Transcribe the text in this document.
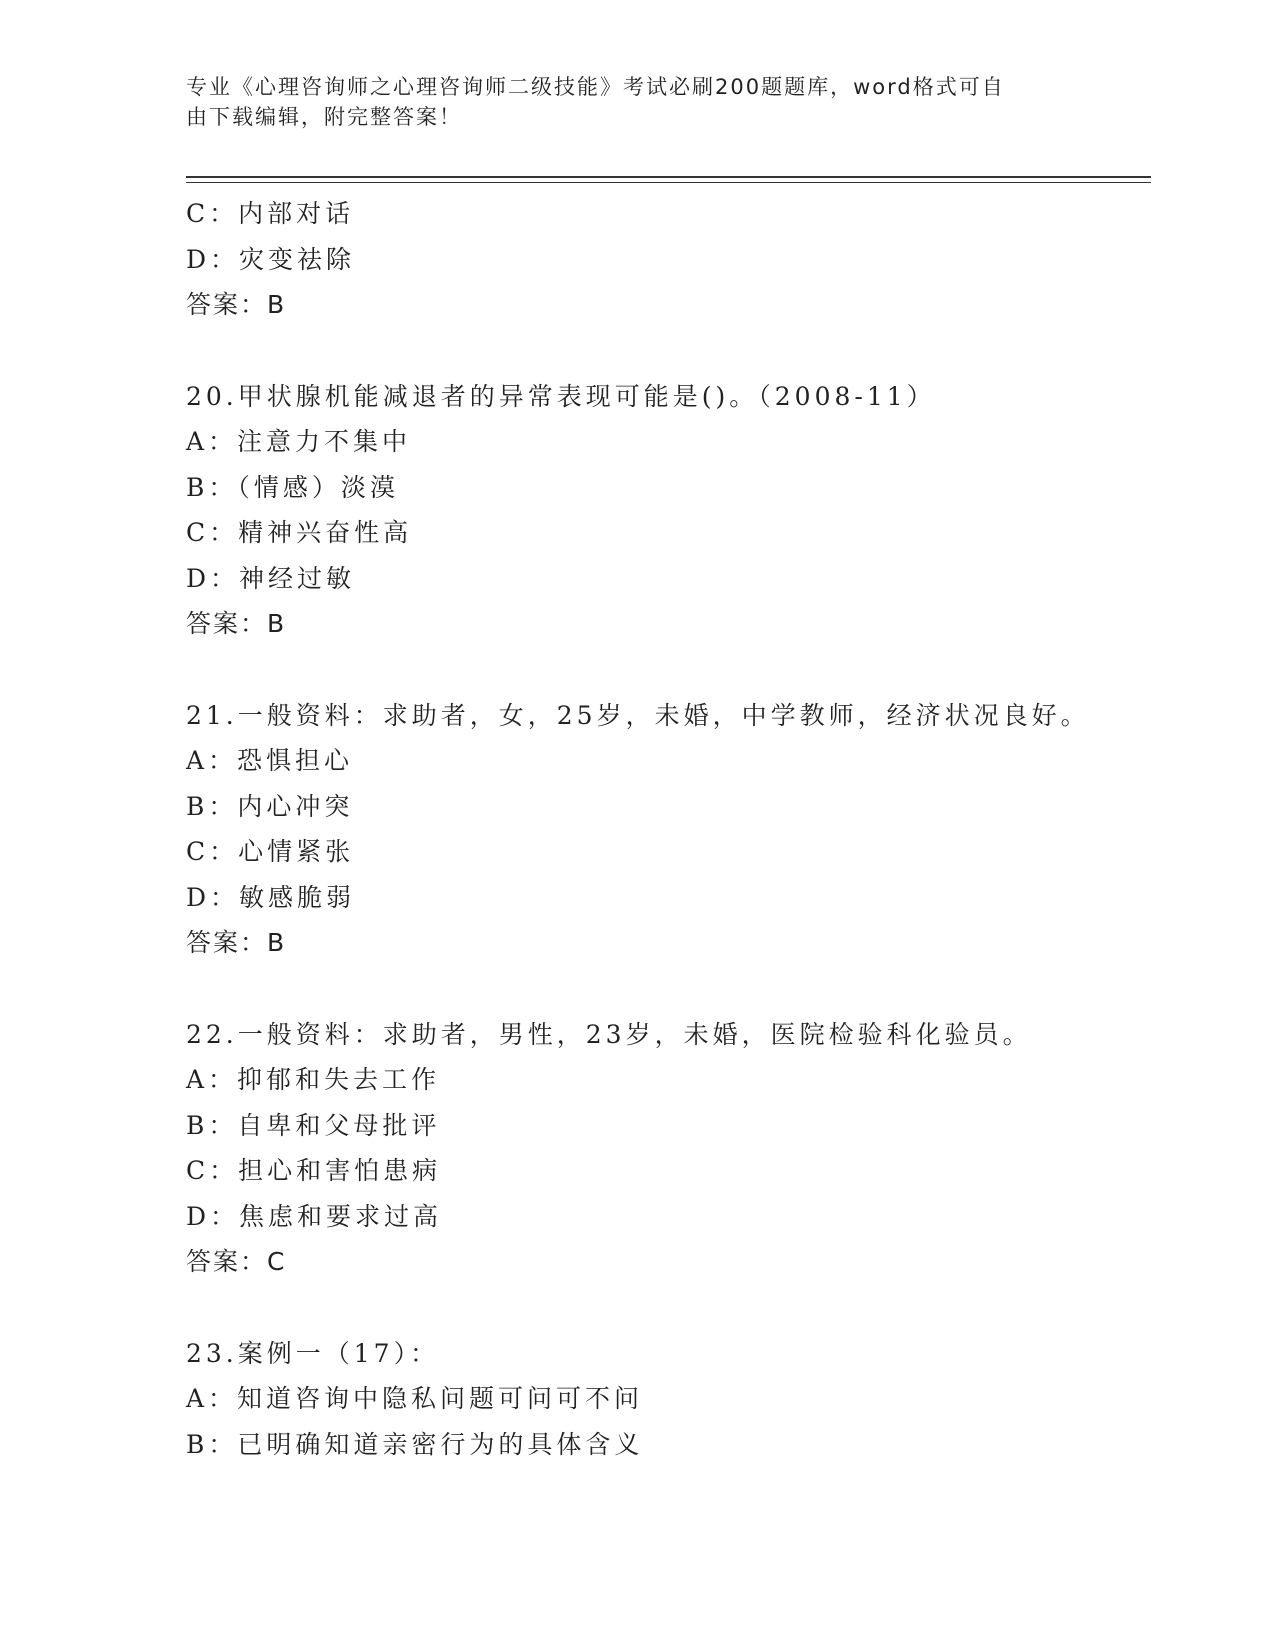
专业《心理咨询师之心理咨询师二级技能》考试必刷200题题库，word格式可自
由下载编辑，附完整答案！
C：内部对话
D：灾变祛除
答案：B
20.甲状腺机能减退者的异常表现可能是()。（2008-11）
A：注意力不集中
B：（情感）淡漠
C：精神兴奋性高
D：神经过敏
答案：B
21.一般资料：求助者，女，25岁，未婚，中学教师，经济状况良好。
A：恐惧担心
B：内心冲突
C：心情紧张
D：敏感脆弱
答案：B
22.一般资料：求助者，男性，23岁，未婚，医院检验科化验员。
A：抑郁和失去工作
B：自卑和父母批评
C：担心和害怕患病
D：焦虑和要求过高
答案：C
23.案例一（17）：
A：知道咨询中隐私问题可问可不问
B：已明确知道亲密行为的具体含义
